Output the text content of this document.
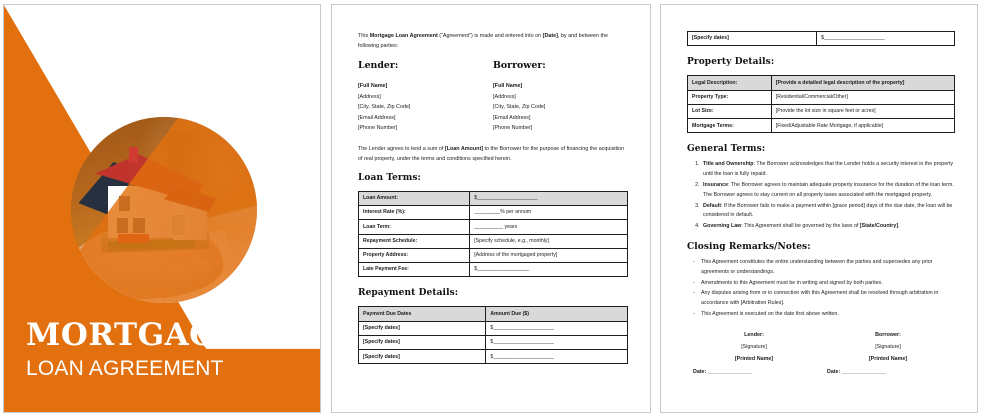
MORTGAGE
LOAN AGREEMENT

This Mortgage Loan Agreement (“Agreement”) is made and entered into on [Date], by and between the following parties:

Lender:
[Full Name]
[Address]
[City, State, Zip Code]
[Email Address]
[Phone Number]
Borrower:
[Full Name]
[Address]
[City, State, Zip Code]
[Email Address]
[Phone Number]

The Lender agrees to lend a sum of [Loan Amount] to the Borrower for the purpose of financing the acquisition of real property, under the terms and conditions specified herein.

Loan Terms:
Loan Amount:	$_____________________
Interest Rate (%):	_________% per annum
Loan Term:	__________ years
Repayment Schedule:	[Specify schedule, e.g., monthly]
Property Address:	[Address of the mortgaged property]
Late Payment Fee:	$__________________
Repayment Details:
Payment Due Dates	Amount Due ($)
[Specify dates]	$_____________________
[Specify dates]	$_____________________
[Specify dates]	$_____________________
[Specify dates]	$_____________________
Property Details:
Legal Description:	[Provide a detailed legal description of the property]
Property Type:	[Residential/Commercial/Other]
Lot Size:	[Provide the lot size in square feet or acres]
Mortgage Terms:	[Fixed/Adjustable Rate Mortgage, if applicable]
General Terms:
1. Title and Ownership: The Borrower acknowledges that the Lender holds a security interest in the property until the loan is fully repaid.
2. Insurance: The Borrower agrees to maintain adequate property insurance for the duration of the loan term. The Borrower agrees to stay current on all property taxes associated with the mortgaged property.
3. Default: If the Borrower fails to make a payment within [grace period] days of the due date, the loan will be considered in default.
4. Governing Law: This Agreement shall be governed by the laws of [State/Country].
Closing Remarks/Notes:
- This Agreement constitutes the entire understanding between the parties and supersedes any prior agreements or understandings.
- Amendments to this Agreement must be in writing and signed by both parties.
- Any disputes arising from or in connection with this Agreement shall be resolved through arbitration in accordance with [Arbitration Rules].
- This Agreement is executed on the date first above written.
Lender:
[Signature]
[Printed Name]
Date: _______________
Borrower:
[Signature]
[Printed Name]
Date: _______________
